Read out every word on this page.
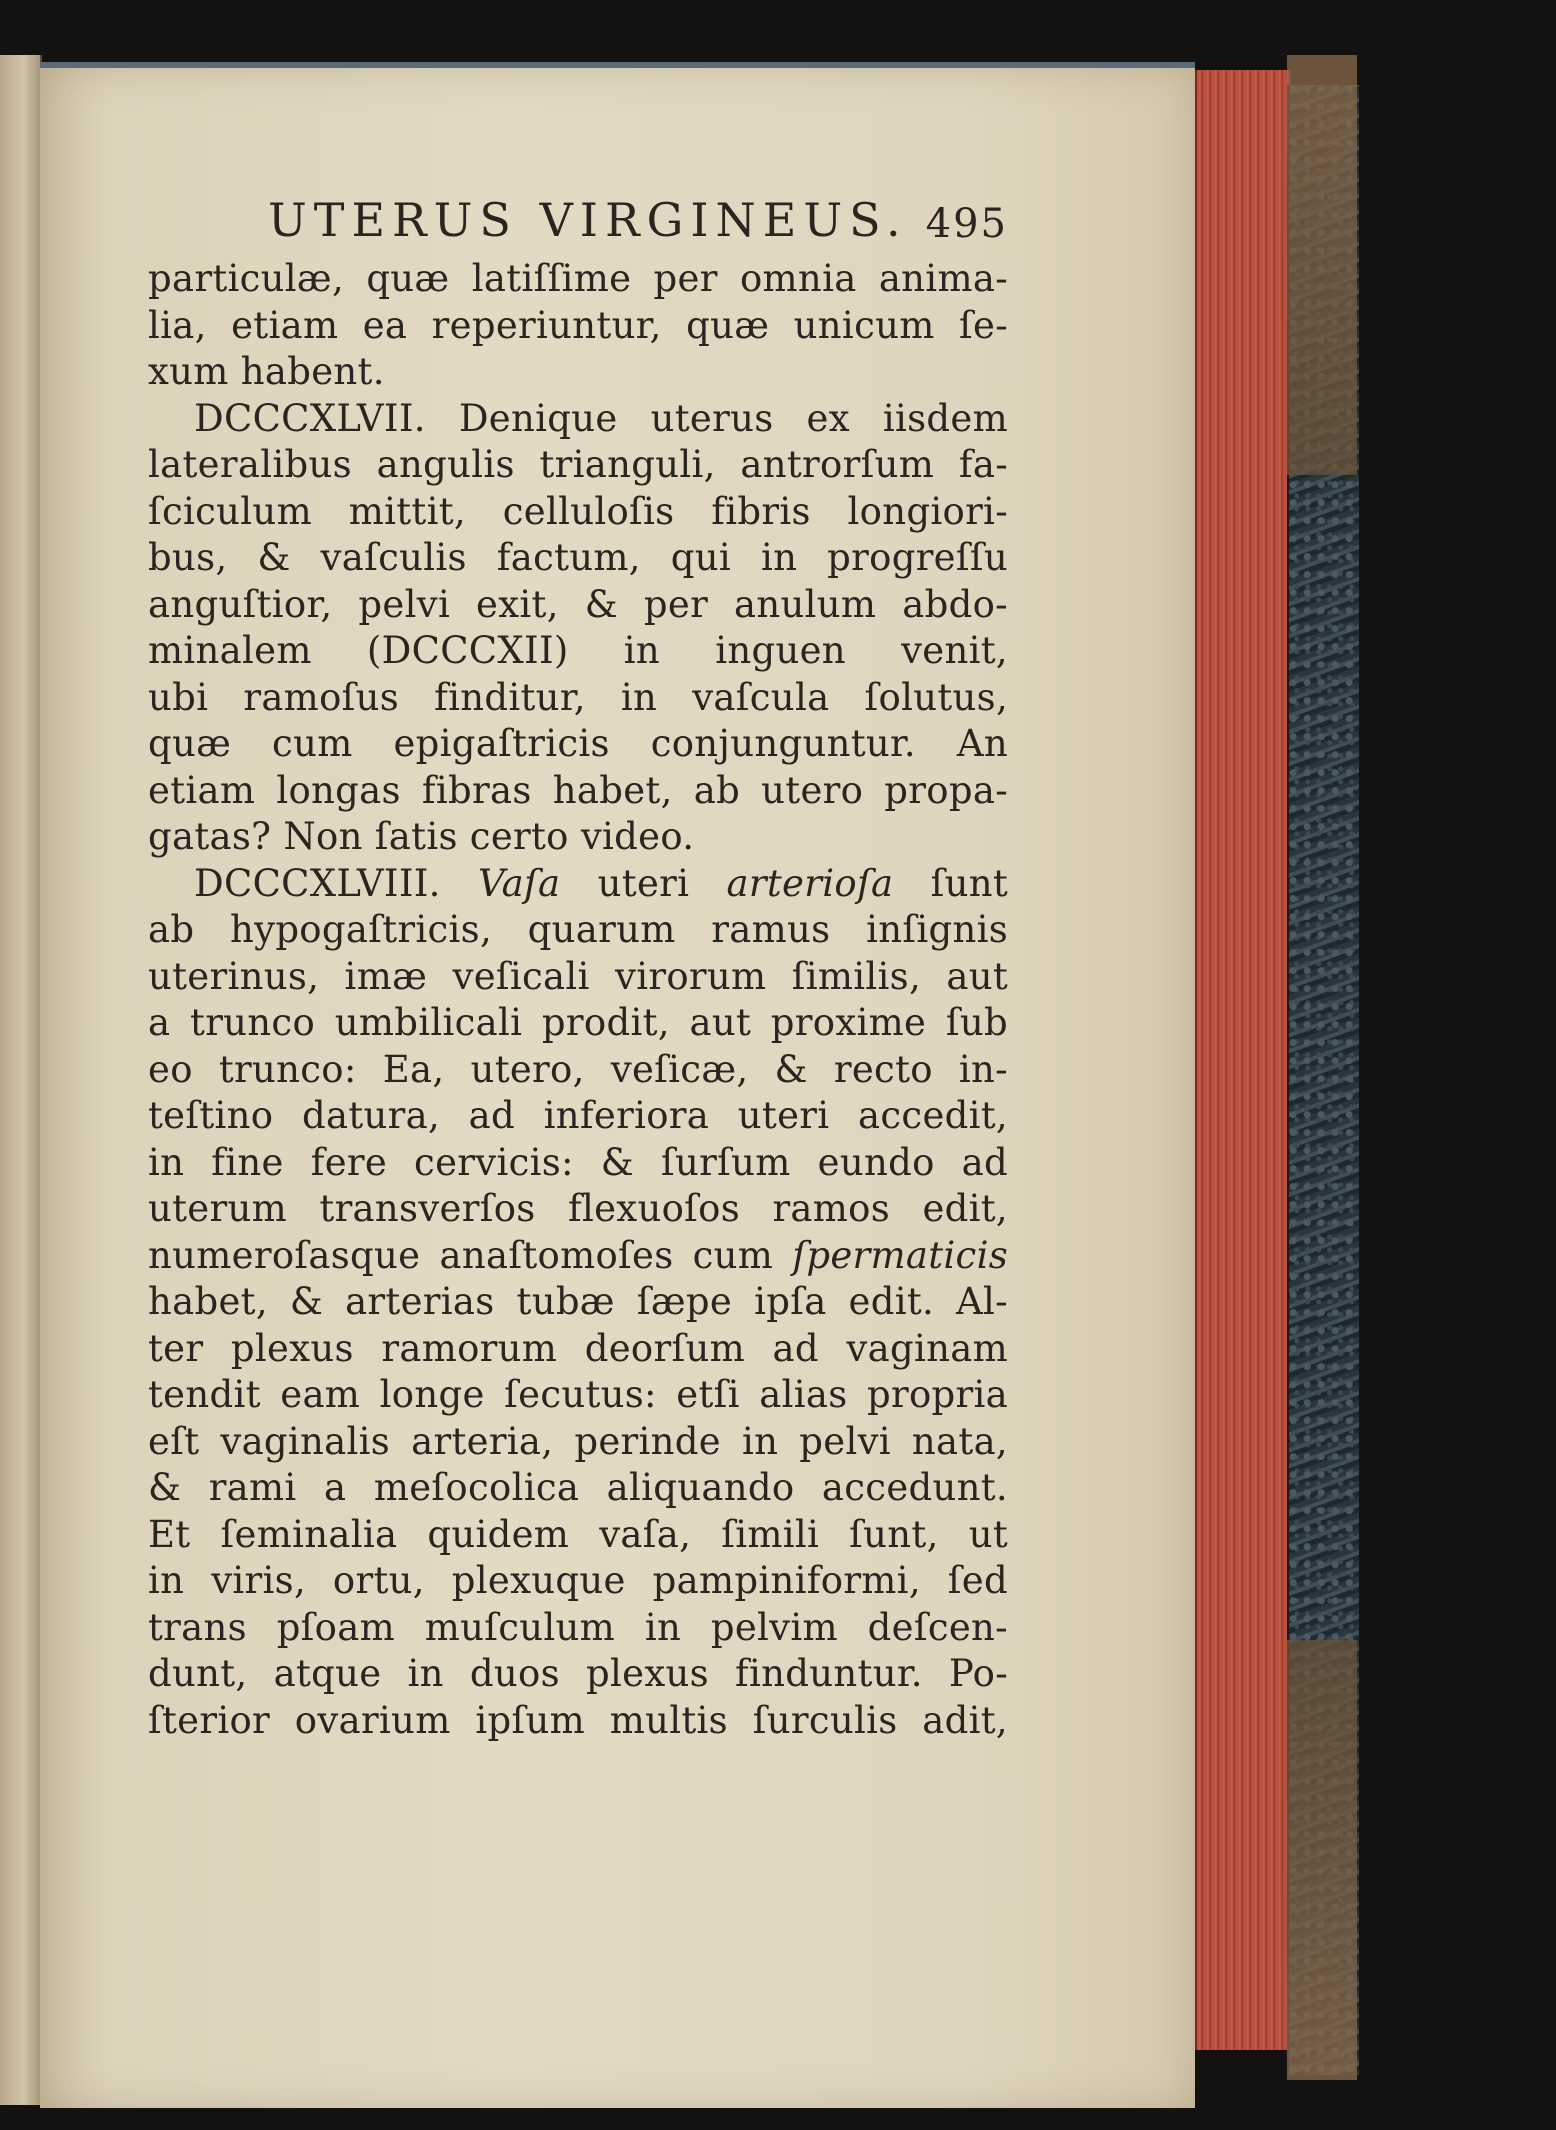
UTERUS VIRGINEUS. 495
particulæ, quæ latiſſime per omnia anima-
lia, etiam ea reperiuntur, quæ unicum ſe-
xum habent.
DCCCXLVII. Denique uterus ex iisdem
lateralibus angulis trianguli, antrorſum fa-
ſciculum mittit, celluloſis fibris longiori-
bus, & vaſculis factum, qui in progreſſu
anguſtior, pelvi exit, & per anulum abdo-
minalem (DCCCXII) in inguen venit,
ubi ramoſus finditur, in vaſcula ſolutus,
quæ cum epigaſtricis conjunguntur. An
etiam longas fibras habet, ab utero propa-
gatas? Non ſatis certo video.
DCCCXLVIII. Vaſa uteri arterioſa ſunt
ab hypogaſtricis, quarum ramus inſignis
uterinus, imæ veſicali virorum ſimilis, aut
a trunco umbilicali prodit, aut proxime ſub
eo trunco: Ea, utero, veſicæ, & recto in-
teſtino datura, ad inferiora uteri accedit,
in fine fere cervicis: & ſurſum eundo ad
uterum transverſos flexuoſos ramos edit,
numeroſasque anaſtomoſes cum ſpermaticis
habet, & arterias tubæ ſæpe ipſa edit. Al-
ter plexus ramorum deorſum ad vaginam
tendit eam longe ſecutus: etſi alias propria
eſt vaginalis arteria, perinde in pelvi nata,
& rami a meſocolica aliquando accedunt.
Et ſeminalia quidem vaſa, ſimili ſunt, ut
in viris, ortu, plexuque pampiniformi, ſed
trans pſoam muſculum in pelvim deſcen-
dunt, atque in duos plexus finduntur. Po-
ſterior ovarium ipſum multis ſurculis adit,
